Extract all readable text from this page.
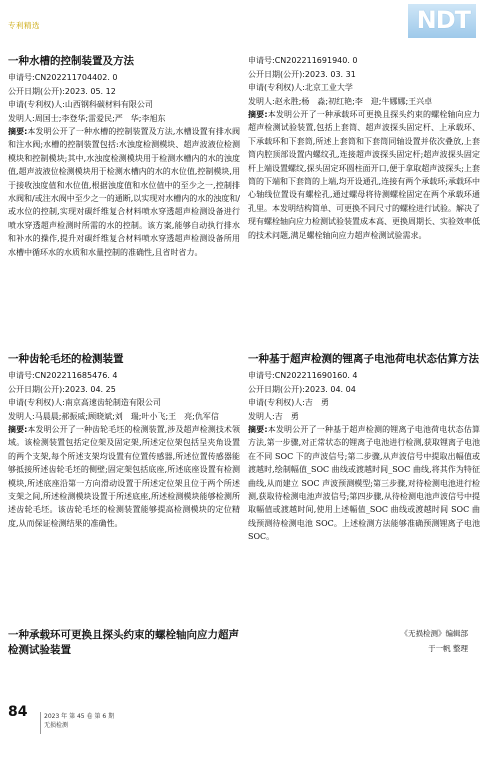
专利精选	NDT

一种水槽的控制装置及方法

申请号:CN202211704402. 0

公开日期(公开):2023. 05. 12

申请(专利权)人:山西钢科碳材料有限公司

发明人:周国士;李登华;雷爱民;严　华;李旭东

摘要:本发明公开了一种水槽的控制装置及方法,水槽设置有排水阀和注水阀;水槽的控制装置包括:水浊度检测模块、超声波液位检测模块和控制模块;其中,水浊度检测模块用于检测水槽内的水的浊度值,超声波液位检测模块用于检测水槽内的水的水位值,控制模块,用于接收浊度值和水位值,根据浊度值和水位值中的至少之一,控制排水阀和/或注水阀中至少之一的通断,以实现对水槽内的水的浊度和/或水位的控制,实现对碳纤维复合材料喷水穿透超声检测设备进行喷水穿透超声检测时所需的水的控制。该方案,能够自动执行排水和补水的操作,提升对碳纤维复合材料喷水穿透超声检测设备所用水槽中循环水的水质和水量控制的准确性,且省时省力。

一种齿轮毛坯的检测装置

申请号:CN202211685476. 4

公开日期(公开):2023. 04. 25

申请(专利权)人:南京高速齿轮制造有限公司

发明人:马晨晨;郝振威;顾晓斌;刘　瑞;叶小飞;王　亮;仇军信

摘要:本发明公开了一种齿轮毛坯的检测装置,涉及超声检测技术领域。该检测装置包括定位架及固定架,所述定位架包括呈夹角设置的两个支架,每个所述支架均设置有位置传感器,所述位置传感器能够抵接所述齿轮毛坯的侧壁;固定架包括底座,所述底座设置有检测模块,所述底座沿第一方向滑动设置于所述定位架且位于两个所述支架之间,所述检测模块设置于所述底座,所述检测模块能够检测所述齿轮毛坯。该齿轮毛坯的检测装置能够提高检测模块的定位精度,从而保证检测结果的准确性。

一种承载环可更换且探头约束的螺栓轴向应力超声检测试验装置

申请号:CN202211691940. 0

公开日期(公开):2023. 03. 31

申请(专利权)人:北京工业大学

发明人:赵永胜;杨　淼;初红艳;李　迎;牛娜娜;王兴卓

摘要:本发明公开了一种承载环可更换且探头约束的螺栓轴向应力超声检测试验装置,包括上套筒、超声波探头固定杆、上承载环、下承载环和下套筒,所述上套筒和下套筒同轴设置并依次叠放,上套筒内腔顶部设置内螺纹孔,连接超声波探头固定杆;超声波探头固定杆上端设置螺纹,探头固定环圆柱面开口,便于拿取超声波探头;上套筒的下端和下套筒的上端,均开设通孔,连接有两个承载环;承载环中心轴线位置设有螺栓孔,通过螺母将待测螺栓固定在两个承载环通孔里。本发明结构简单、可更换不同尺寸的螺栓进行试验。解决了现有螺栓轴向应力检测试验装置成本高、更换周期长、实验效率低的技术问题,满足螺栓轴向应力超声检测试验需求。

一种基于超声检测的锂离子电池荷电状态估算方法

申请号:CN202211690160. 4

公开日期(公开):2023. 04. 04

申请(专利权)人:吉　勇

发明人:吉　勇

摘要:本发明公开了一种基于超声检测的锂离子电池荷电状态估算方法,第一步骤,对正常状态的锂离子电池进行检测,获取锂离子电池在不同 SOC 下的声波信号;第二步骤,从声波信号中提取出幅值或渡越时,绘制幅值_SOC 曲线或渡越时间_SOC 曲线,将其作为特征曲线,从而建立 SOC 声波预测模型;第三步骤,对待检测电池进行检测,获取待检测电池声波信号;第四步骤,从待检测电池声波信号中提取幅值或渡越时间,使用上述幅值_SOC 曲线或渡越时间 SOC 曲线预测待检测电池 SOC。上述检测方法能够准确预测锂离子电池 SOC。

《无损检测》编辑部
于一帆 整理
84	2023 年 第 45 卷 第 6 期
无损检测
